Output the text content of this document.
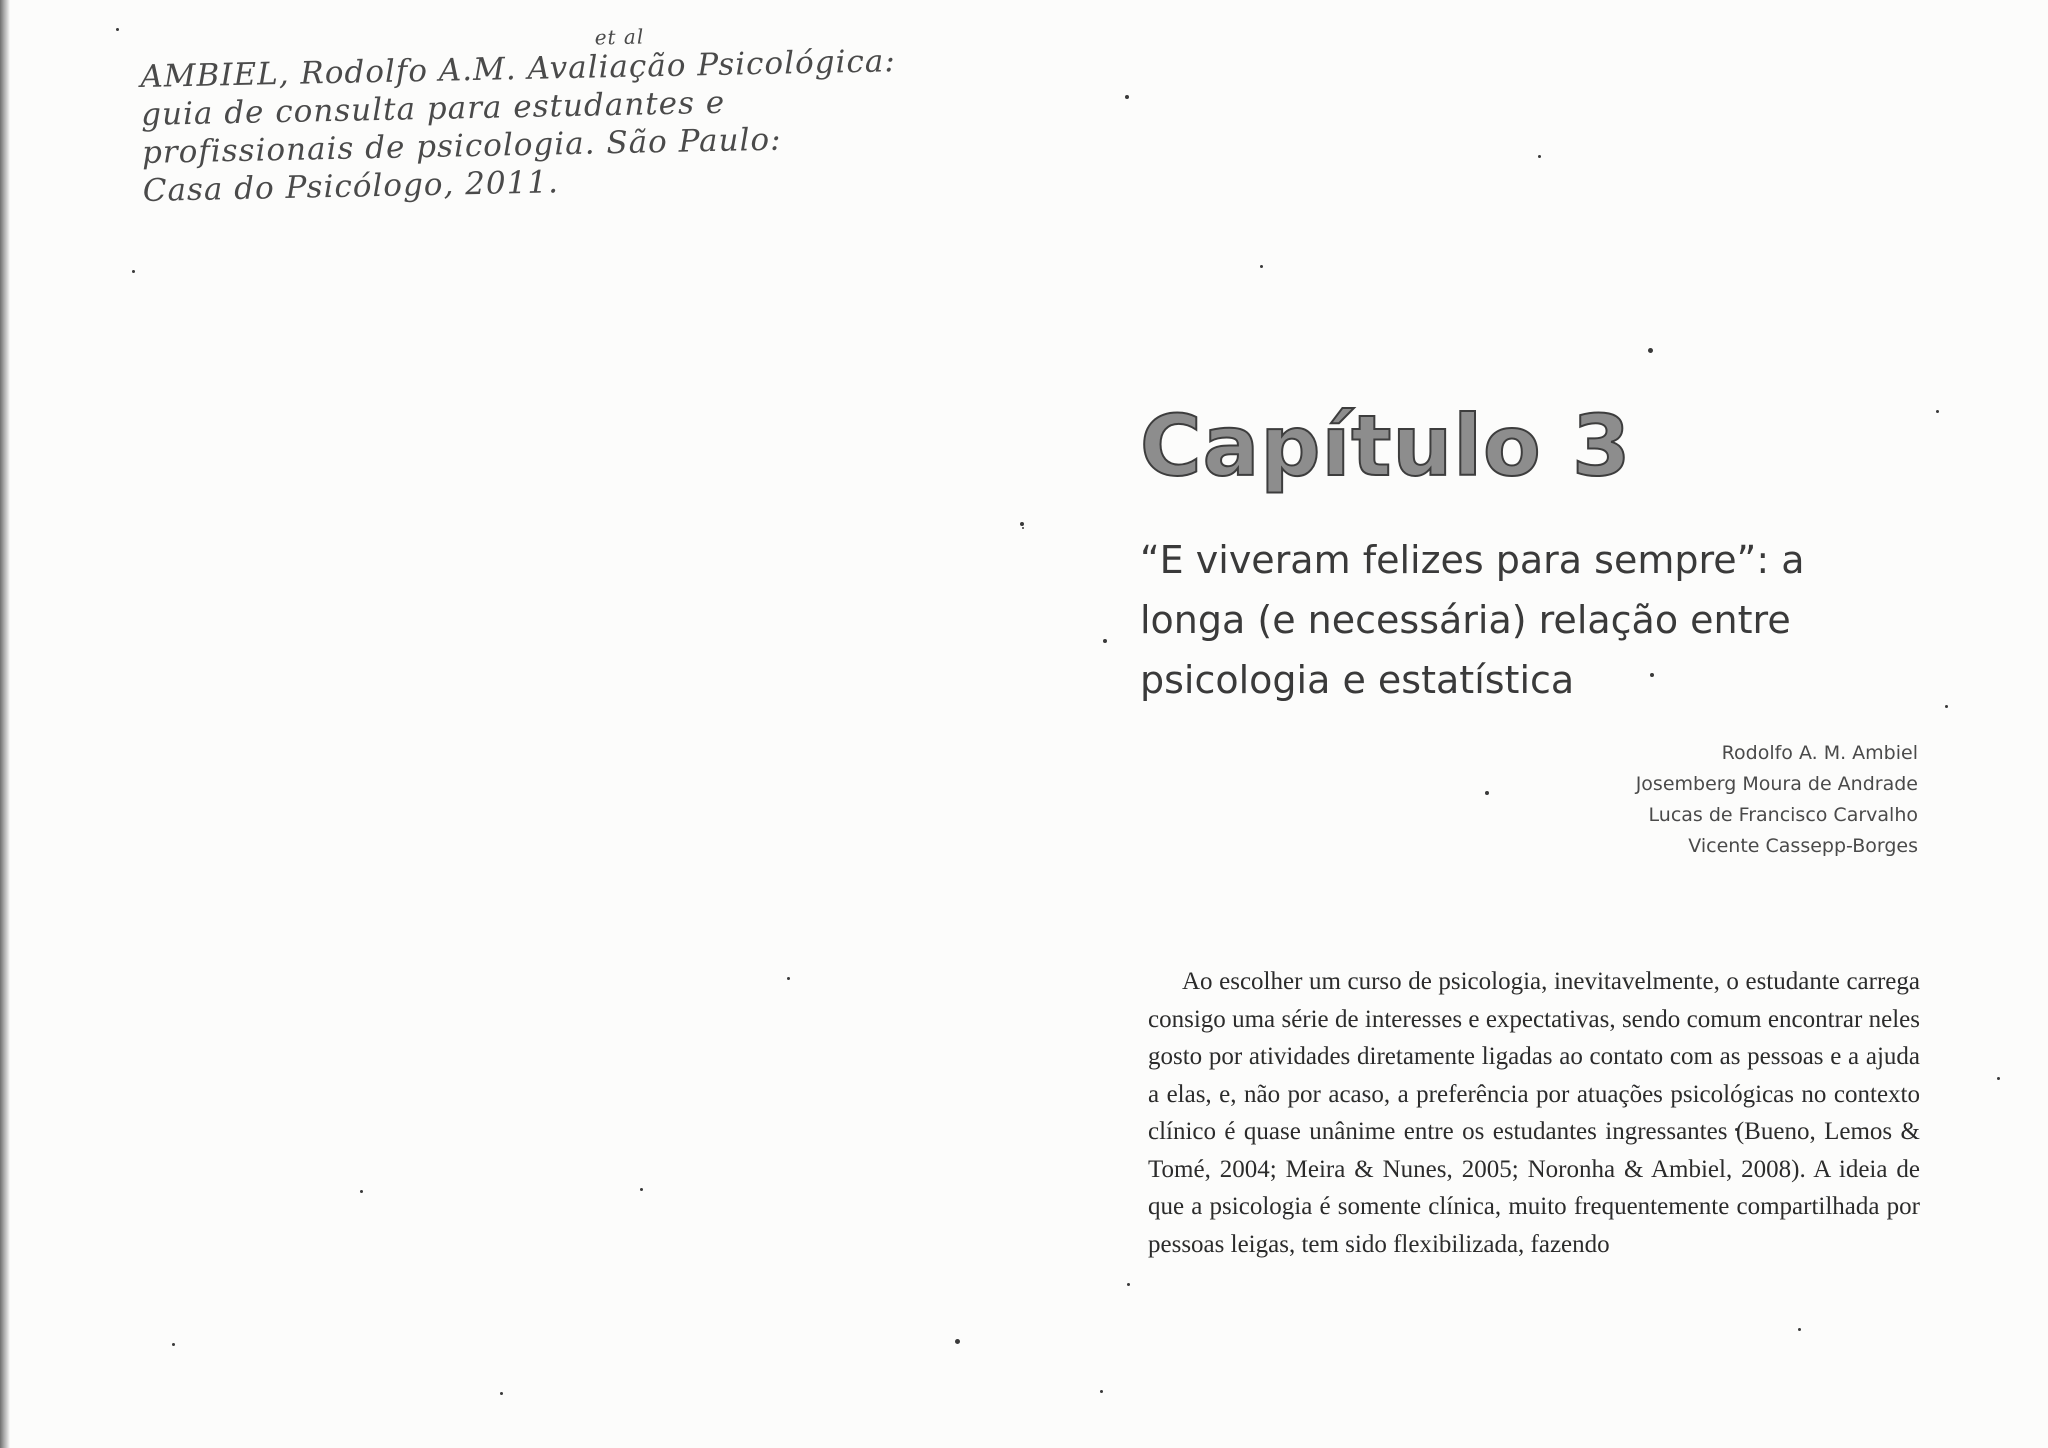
et al
AMBIEL, Rodolfo A.M. Avaliação Psicológica:
guia de consulta para estudantes e
profissionais de psicologia. São Paulo:
Casa do Psicólogo, 2011.
Capítulo 3
“E viveram felizes para sempre”: a longa (e necessária) relação entre psicologia e estatística
Rodolfo A. M. Ambiel
Josemberg Moura de Andrade
Lucas de Francisco Carvalho
Vicente Cassepp-Borges

Ao escolher um curso de psicologia, inevitavelmente, o estudante carrega consigo uma série de interesses e expectativas, sendo comum encontrar neles gosto por atividades diretamente ligadas ao contato com as pessoas e a ajuda a elas, e, não por acaso, a preferência por atuações psicológicas no contexto clínico é quase unânime entre os estudantes ingressantes (Bueno, Lemos & Tomé, 2004; Meira & Nunes, 2005; Noronha & Ambiel, 2008). A ideia de que a psicologia é somente clínica, muito frequentemente compartilhada por pessoas leigas, tem sido flexibilizada, fazendo
